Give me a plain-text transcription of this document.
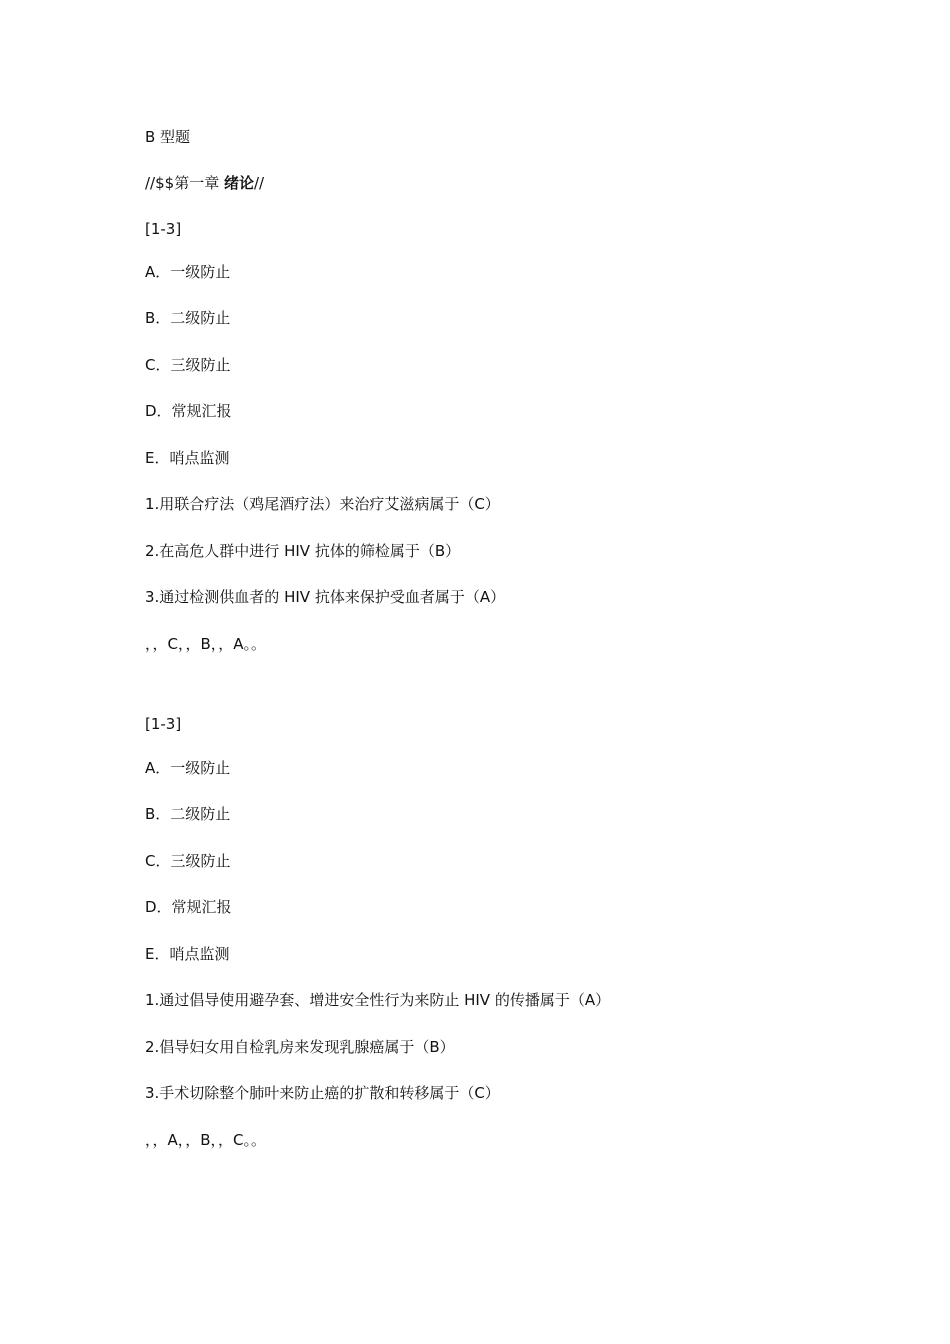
B 型题
//$$第一章 绪论//
[1-3]
A．一级防止
B．二级防止
C．三级防止
D．常规汇报
E．哨点监测
1.用联合疗法（鸡尾酒疗法）来治疗艾滋病属于（C）
2.在高危人群中进行 HIV 抗体的筛检属于（B）
3.通过检测供血者的 HIV 抗体来保护受血者属于（A）
，，C，，B，，A。。
[1-3]
A．一级防止
B．二级防止
C．三级防止
D．常规汇报
E．哨点监测
1.通过倡导使用避孕套、增进安全性行为来防止 HIV 的传播属于（A）
2.倡导妇女用自检乳房来发现乳腺癌属于（B）
3.手术切除整个肺叶来防止癌的扩散和转移属于（C）
，，A，，B，，C。。
